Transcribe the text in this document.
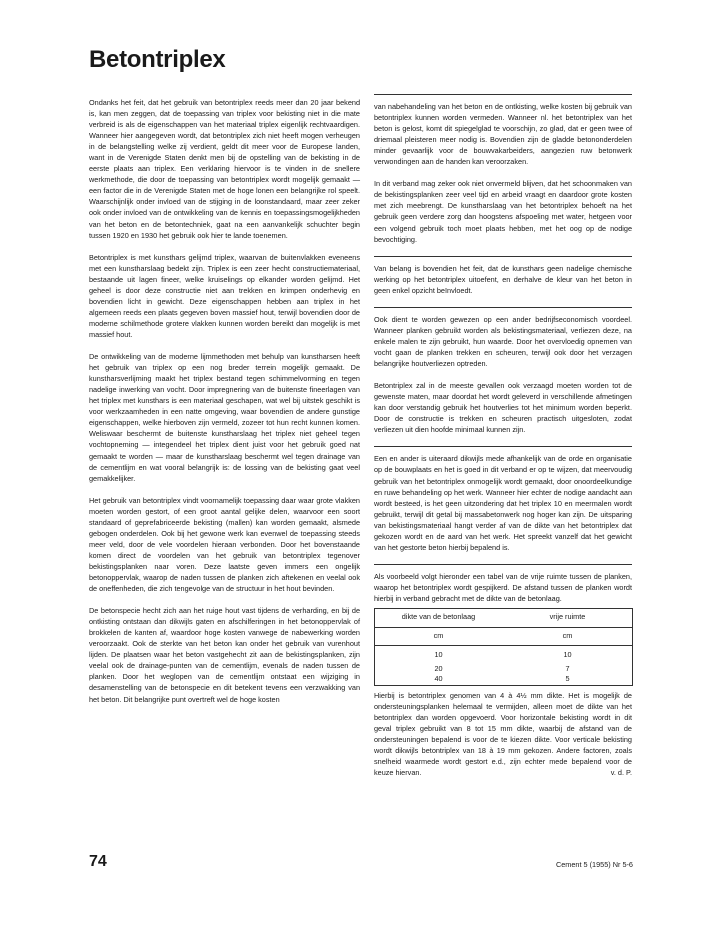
Betontriplex

Ondanks het feit, dat het gebruik van betontriplex reeds meer dan 20 jaar bekend is, kan men zeggen, dat de toepassing van triplex voor bekisting niet in die mate verbreid is als de eigenschappen van het materiaal triplex eigenlijk rechtvaardigen. Wanneer hier aangegeven wordt, dat betontriplex zich niet heeft mogen verheugen in de belangstelling welke zij verdient, geldt dit meer voor de Europese landen, want in de Verenigde Staten denkt men bij de opstelling van de bekisting in de eerste plaats aan triplex. Een verklaring hiervoor is te vinden in de snellere werkmethode, die door de toepassing van betontriplex wordt mogelijk gemaakt — een factor die in de Verenigde Staten met de hoge lonen een belangrijke rol speelt. Waarschijnlijk onder invloed van de stijging in de loonstandaard, maar zeer zeker ook onder invloed van de ontwikkeling van de kennis en toepassingsmogelijkheden van het beton en de betontechniek, gaat na een aanvankelijk schuchter begin tussen 1920 en 1930 het gebruik ook hier te lande toenemen.

Betontriplex is met kunsthars gelijmd triplex, waarvan de buitenvlakken eveneens met een kunstharslaag bedekt zijn. Triplex is een zeer hecht constructiemateriaal, bestaande uit lagen fineer, welke kruiselings op elkander worden gelijmd. Het geheel is door deze constructie niet aan trekken en krimpen onderhevig en bovendien licht in gewicht. Deze eigenschappen hebben aan triplex in het algemeen reeds een plaats gegeven boven massief hout, terwijl bovendien door de moderne schilmethode grotere vlakken kunnen worden bereikt dan mogelijk is met massief hout.

De ontwikkeling van de moderne lijmmethoden met behulp van kunstharsen heeft het gebruik van triplex op een nog breder terrein mogelijk gemaakt. De kunstharsverlijming maakt het triplex bestand tegen schimmelvorming en tegen nadelige inwerking van vocht. Door impregnering van de buitenste fineerlagen van het triplex met kunsthars is een materiaal geschapen, wat wel bij uitstek geschikt is voor werkzaamheden in een natte omgeving, waar bovendien de andere gunstige eigenschappen, welke hierboven zijn vermeld, zozeer tot hun recht kunnen komen. Weliswaar beschermt de buitenste kunstharslaag het triplex niet geheel tegen vochtopneming — integendeel het triplex dient juist voor het gebruik goed nat gemaakt te worden — maar de kunstharslaag beschermt wel tegen drainage van de cementlijm en wat vooral belangrijk is: de lossing van de bekisting gaat veel gemakkelijker.

Het gebruik van betontriplex vindt voornamelijk toepassing daar waar grote vlakken moeten worden gestort, of een groot aantal gelijke delen, waarvoor een soort standaard of geprefabriceerde bekisting (mallen) kan worden gemaakt, alsmede gebogen onderdelen. Ook bij het gewone werk kan evenwel de toepassing steeds meer veld, door de vele voordelen hieraan verbonden. Door het bovenstaande komen direct de voordelen van het gebruik van betontriplex tegenover bekistingsplanken naar voren. Deze laatste geven immers een ongelijk betonoppervlak, waarop de naden tussen de planken zich aftekenen en veelal ook de oneffenheden, die zich tengevolge van de structuur in het hout bevinden.

De betonspecie hecht zich aan het ruige hout vast tijdens de verharding, en bij de ontkisting ontstaan dan dikwijls gaten en afschilferingen in het betonoppervlak of brokkelen de kanten af, waardoor hoge kosten vanwege de nabewerking worden veroorzaakt. Ook de sterkte van het beton kan onder het gebruik van vurenhout lijden. De plaatsen waar het beton vastgehecht zit aan de bekistingsplanken, zijn veelal ook de drainage-punten van de cementlijm, evenals de naden tussen de planken. Door het weglopen van de cementlijm ontstaat een wijziging in desamenstelling van de betonspecie en dit betekent tevens een verzwakking van het beton. Dit belangrijke punt overtreft wel de hoge kosten

van nabehandeling van het beton en de ontkisting, welke kosten bij gebruik van betontriplex kunnen worden vermeden. Wanneer nl. het betontriplex van het beton is gelost, komt dit spiegelglad te voorschijn, zo glad, dat er geen twee of driemaal pleisteren meer nodig is. Bovendien zijn de gladde betononderdelen minder gevaarlijk voor de bouwvakarbeiders, aangezien ruw betonwerk verwondingen aan de handen kan veroorzaken.

In dit verband mag zeker ook niet onvermeld blijven, dat het schoonmaken van de bekistingsplanken zeer veel tijd en arbeid vraagt en daardoor grote kosten met zich meebrengt. De kunstharslaag van het betontriplex behoeft na het gebruik geen verdere zorg dan hoogstens afspoeling met water, hetgeen voor een volgend gebruik toch moet plaats hebben, met het oog op de nodige bevochtiging.

Van belang is bovendien het feit, dat de kunsthars geen nadelige chemische werking op het betontriplex uitoefent, en derhalve de kleur van het beton in geen enkel opzicht beïnvloedt.

Ook dient te worden gewezen op een ander bedrijfseconomisch voordeel. Wanneer planken gebruikt worden als bekistingsmateriaal, verliezen deze, na enkele malen te zijn gebruikt, hun waarde. Door het overvloedig opnemen van vocht gaan de planken trekken en scheuren, terwijl ook door het verzagen belangrijke houtverliezen optreden.

Betontriplex zal in de meeste gevallen ook verzaagd moeten worden tot de gewenste maten, maar doordat het wordt geleverd in verschillende afmetingen kan door verstandig gebruik het houtverlies tot het minimum worden beperkt. Door de constructie is trekken en scheuren practisch uitgesloten, zodat verliezen uit dien hoofde minimaal kunnen zijn.

Een en ander is uiteraard dikwijls mede afhankelijk van de orde en organisatie op de bouwplaats en het is goed in dit verband er op te wijzen, dat meervoudig gebruik van het betontriplex onmogelijk wordt gemaakt, door onoordeelkundige en ruwe behandeling op het werk. Wanneer hier echter de nodige aandacht aan wordt besteed, is het geen uitzondering dat het triplex 10 en meermalen wordt gebruikt, terwijl dit getal bij massabetonwerk nog hoger kan zijn. De uitsparing van bekistingsmateriaal hangt verder af van de dikte van het betontriplex dat gekozen wordt en de aard van het werk. Het spreekt vanzelf dat het gewicht van het gestorte beton hierbij bepalend is.

Als voorbeeld volgt hieronder een tabel van de vrije ruimte tussen de planken, waarop het betontriplex wordt gespijkerd. De afstand tussen de planken wordt hierbij in verband gebracht met de dikte van de betonlaag.

dikte van de betonlaag	vrije ruimte
cm	cm
10	10
20	7
40	5

Hierbij is betontriplex genomen van 4 à 4½ mm dikte. Het is mogelijk de ondersteuningsplanken helemaal te vermijden, alleen moet de dikte van het betontriplex dan worden opgevoerd. Voor horizontale bekisting wordt in dit geval triplex gebruikt van 8 tot 15 mm dikte, waarbij de afstand van de ondersteuningen bepalend is voor de te kiezen dikte. Voor verticale bekisting wordt dikwijls betontriplex van 18 à 19 mm gekozen. Andere factoren, zoals snelheid waarmede wordt gestort e.d., zijn echter mede bepalend voor de keuze hiervan.	v. d. P.

74	Cement 5 (1955) Nr 5-6
